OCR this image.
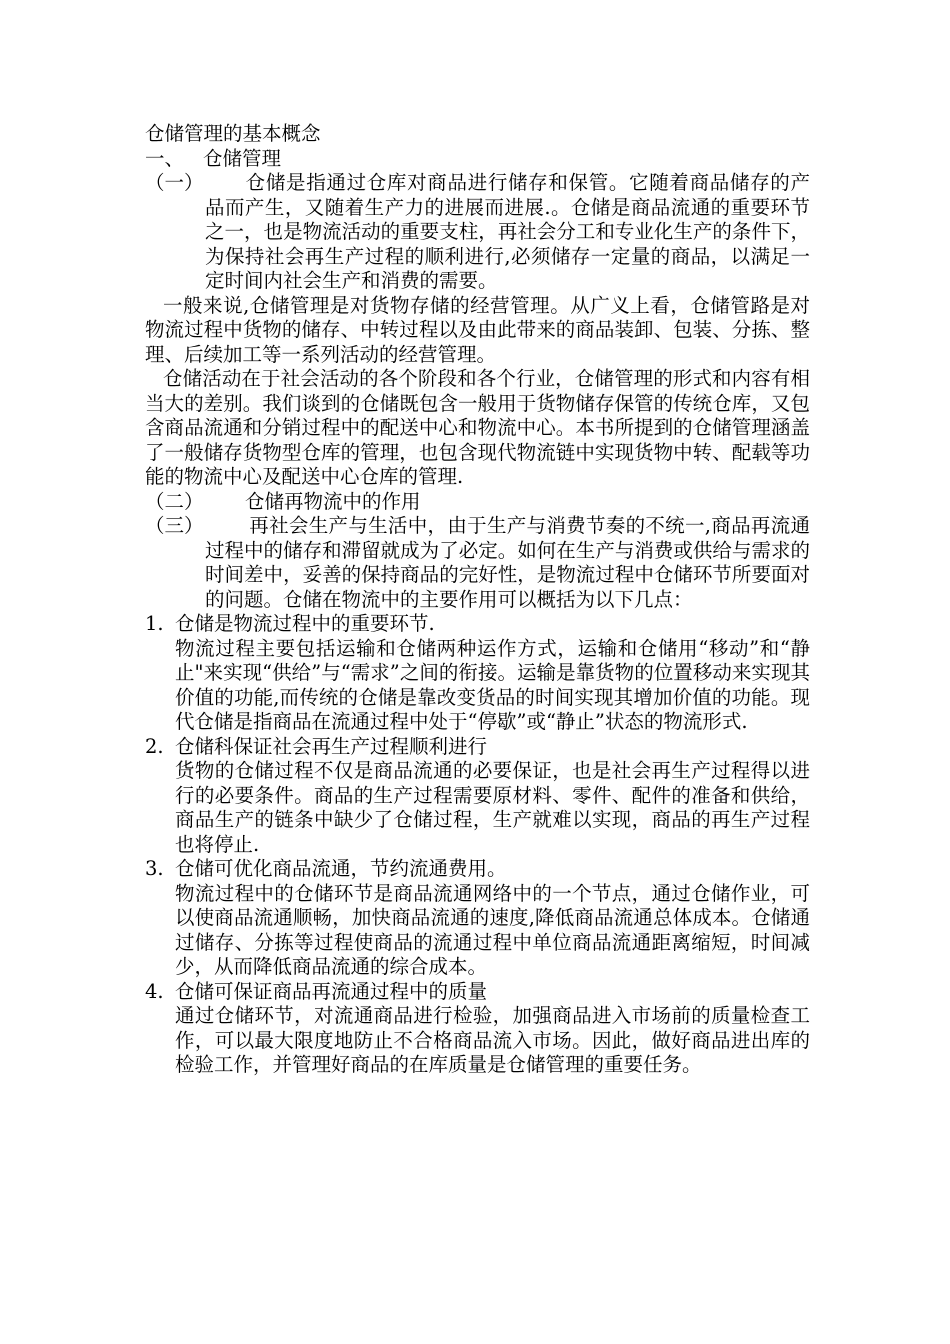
仓储管理的基本概念
一、 仓储管理
（一） 仓储是指通过仓库对商品进行储存和保管。它随着商品储存的产品而产生，又随着生产力的进展而进展.。仓储是商品流通的重要环节之一，也是物流活动的重要支柱，再社会分工和专业化生产的条件下，为保持社会再生产过程的顺利进行,必须储存一定量的商品，以满足一定时间内社会生产和消费的需要。

一般来说,仓储管理是对货物存储的经营管理。从广义上看，仓储管路是对物流过程中货物的储存、中转过程以及由此带来的商品装卸、包装、分拣、整理、后续加工等一系列活动的经营管理。

仓储活动在于社会活动的各个阶段和各个行业，仓储管理的形式和内容有相当大的差别。我们谈到的仓储既包含一般用于货物储存保管的传统仓库，又包含商品流通和分销过程中的配送中心和物流中心。本书所提到的仓储管理涵盖了一般储存货物型仓库的管理，也包含现代物流链中实现货物中转、配载等功能的物流中心及配送中心仓库的管理.

（二） 仓储再物流中的作用
（三） 再社会生产与生活中，由于生产与消费节奏的不统一,商品再流通过程中的储存和滞留就成为了必定。如何在生产与消费或供给与需求的时间差中，妥善的保持商品的完好性，是物流过程中仓储环节所要面对的问题。仓储在物流中的主要作用可以概括为以下几点：
1. 仓储是物流过程中的重要环节.
物流过程主要包括运输和仓储两种运作方式，运输和仓储用“移动”和“静止"来实现“供给”与“需求”之间的衔接。运输是靠货物的位置移动来实现其价值的功能,而传统的仓储是靠改变货品的时间实现其增加价值的功能。现代仓储是指商品在流通过程中处于“停歇”或“静止”状态的物流形式.
2. 仓储科保证社会再生产过程顺利进行
货物的仓储过程不仅是商品流通的必要保证，也是社会再生产过程得以进行的必要条件。商品的生产过程需要原材料、零件、配件的准备和供给，商品生产的链条中缺少了仓储过程，生产就难以实现，商品的再生产过程也将停止.
3. 仓储可优化商品流通，节约流通费用。
物流过程中的仓储环节是商品流通网络中的一个节点，通过仓储作业，可以使商品流通顺畅，加快商品流通的速度,降低商品流通总体成本。仓储通过储存、分拣等过程使商品的流通过程中单位商品流通距离缩短，时间减少，从而降低商品流通的综合成本。
4. 仓储可保证商品再流通过程中的质量
通过仓储环节，对流通商品进行检验，加强商品进入市场前的质量检查工作，可以最大限度地防止不合格商品流入市场。因此，做好商品进出库的检验工作，并管理好商品的在库质量是仓储管理的重要任务。
